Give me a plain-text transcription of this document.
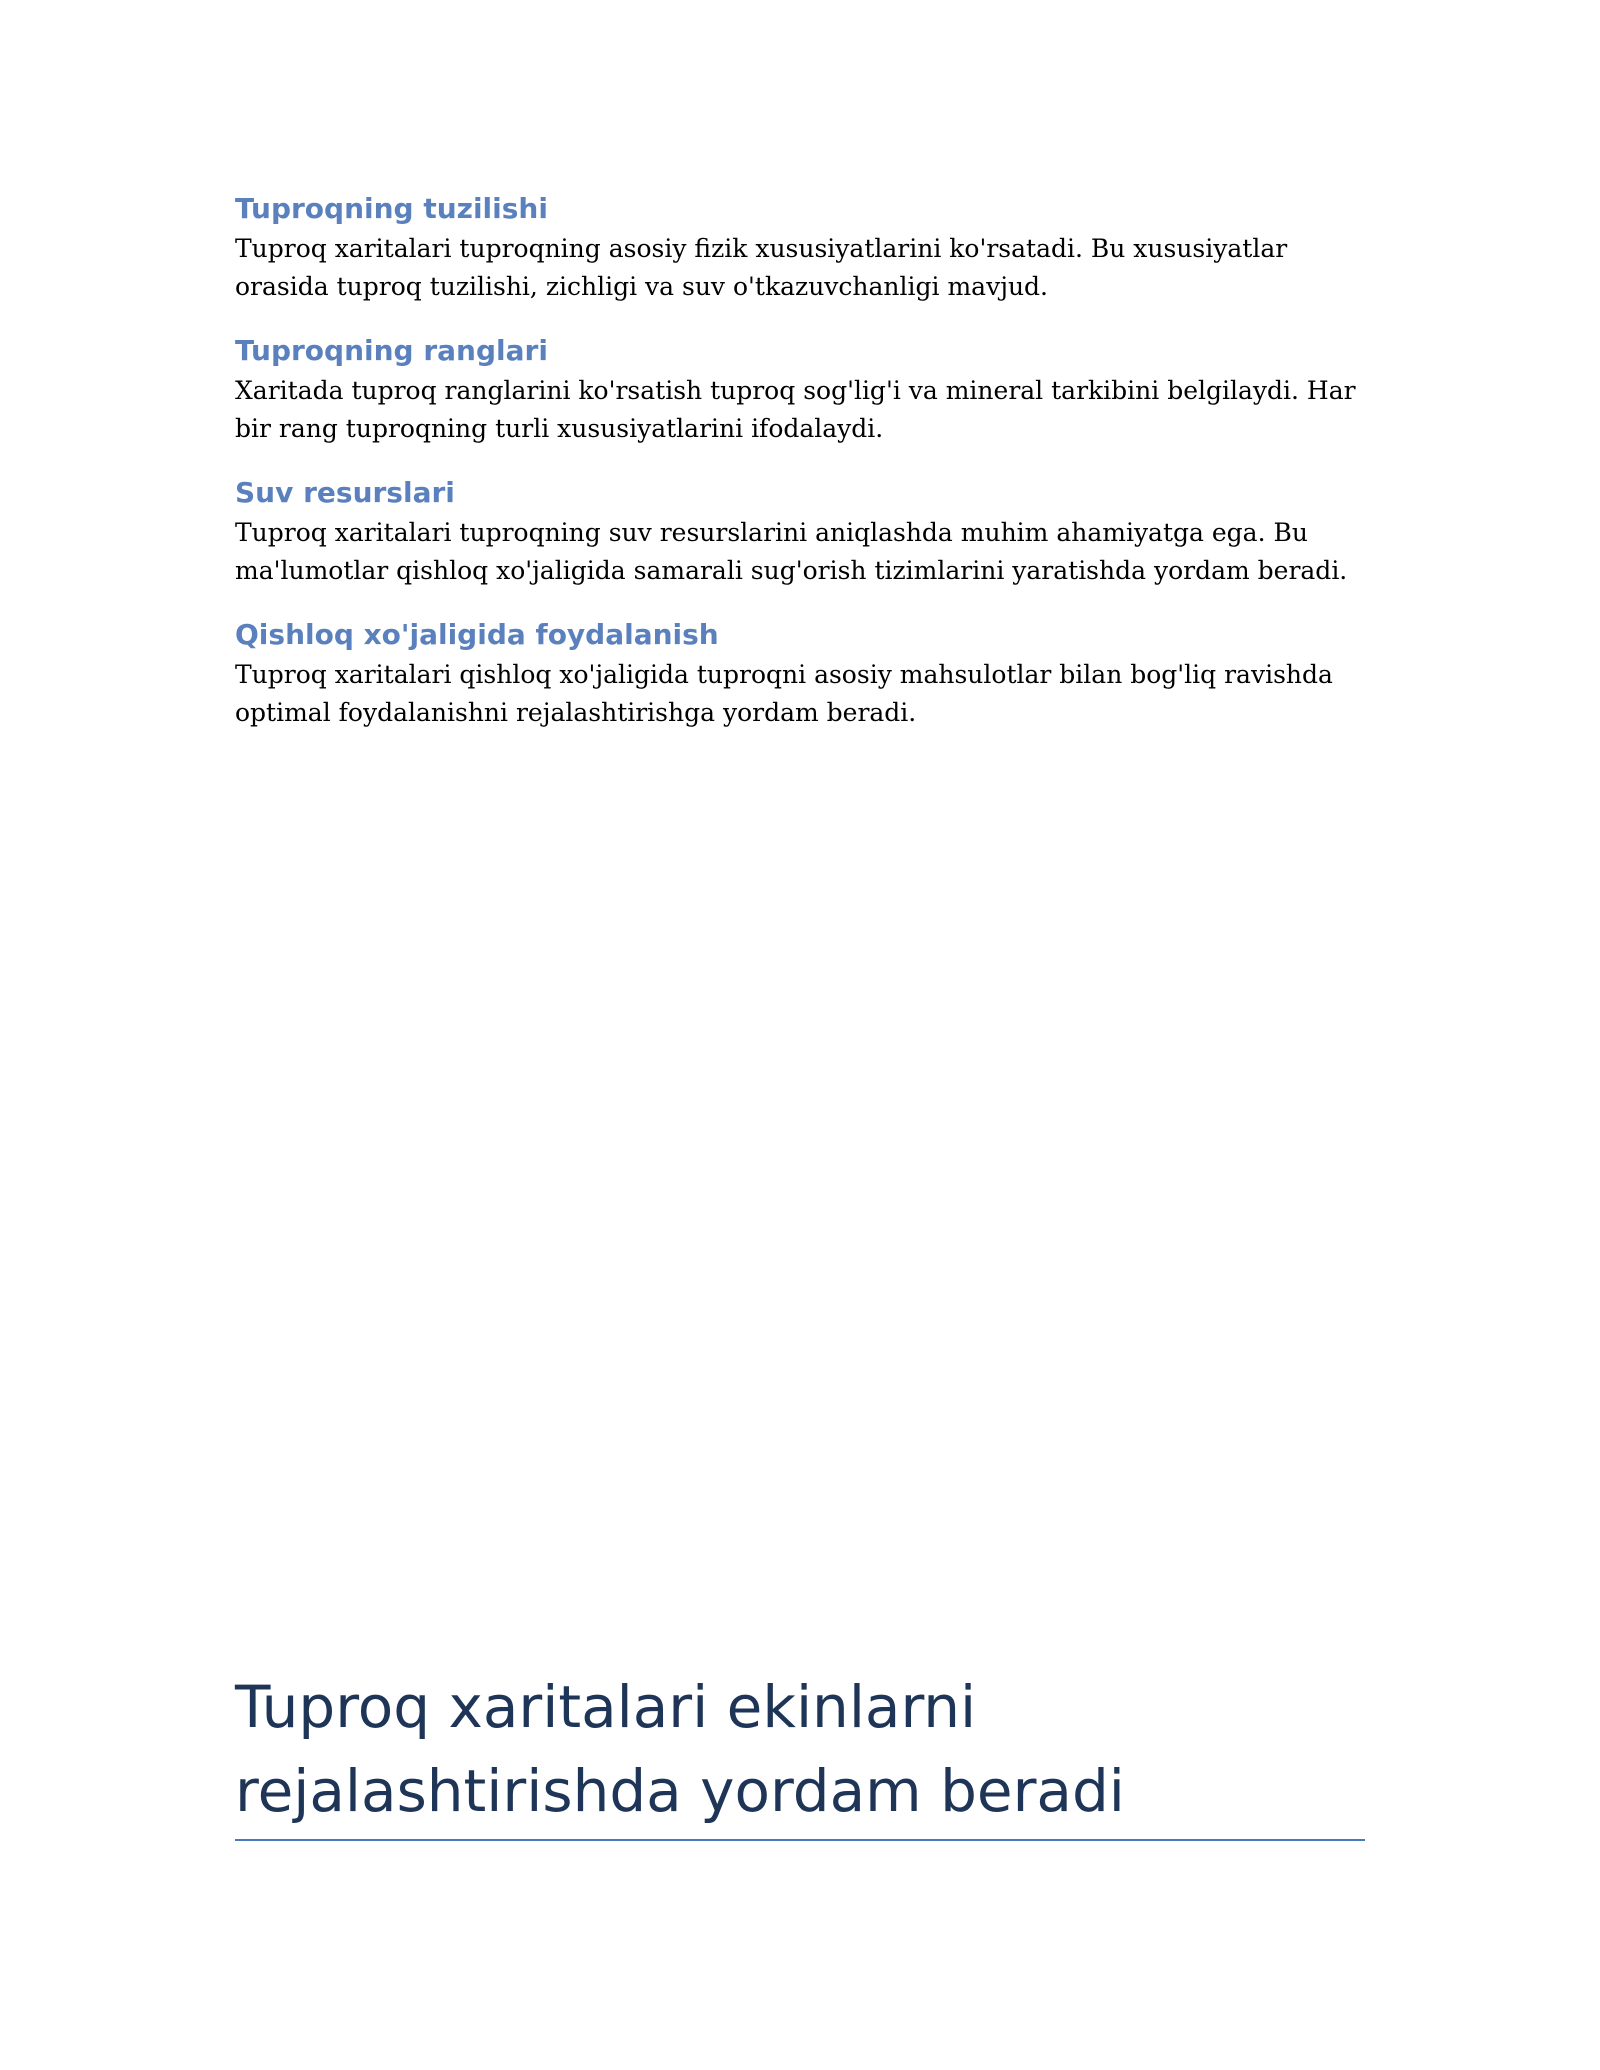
Tuproqning tuzilishi

Tuproq xaritalari tuproqning asosiy fizik xususiyatlarini ko'rsatadi. Bu xususiyatlar orasida tuproq tuzilishi, zichligi va suv o'tkazuvchanligi mavjud.

Tuproqning ranglari

Xaritada tuproq ranglarini ko'rsatish tuproq sog'lig'i va mineral tarkibini belgilaydi. Har bir rang tuproqning turli xususiyatlarini ifodalaydi.

Suv resurslari

Tuproq xaritalari tuproqning suv resurslarini aniqlashda muhim ahamiyatga ega. Bu ma'lumotlar qishloq xo'jaligida samarali sug'orish tizimlarini yaratishda yordam beradi.

Qishloq xo'jaligida foydalanish

Tuproq xaritalari qishloq xo'jaligida tuproqni asosiy mahsulotlar bilan bog'liq ravishda optimal foydalanishni rejalashtirishga yordam beradi.

Tuproq xaritalari ekinlarni rejalashtirishda yordam beradi
